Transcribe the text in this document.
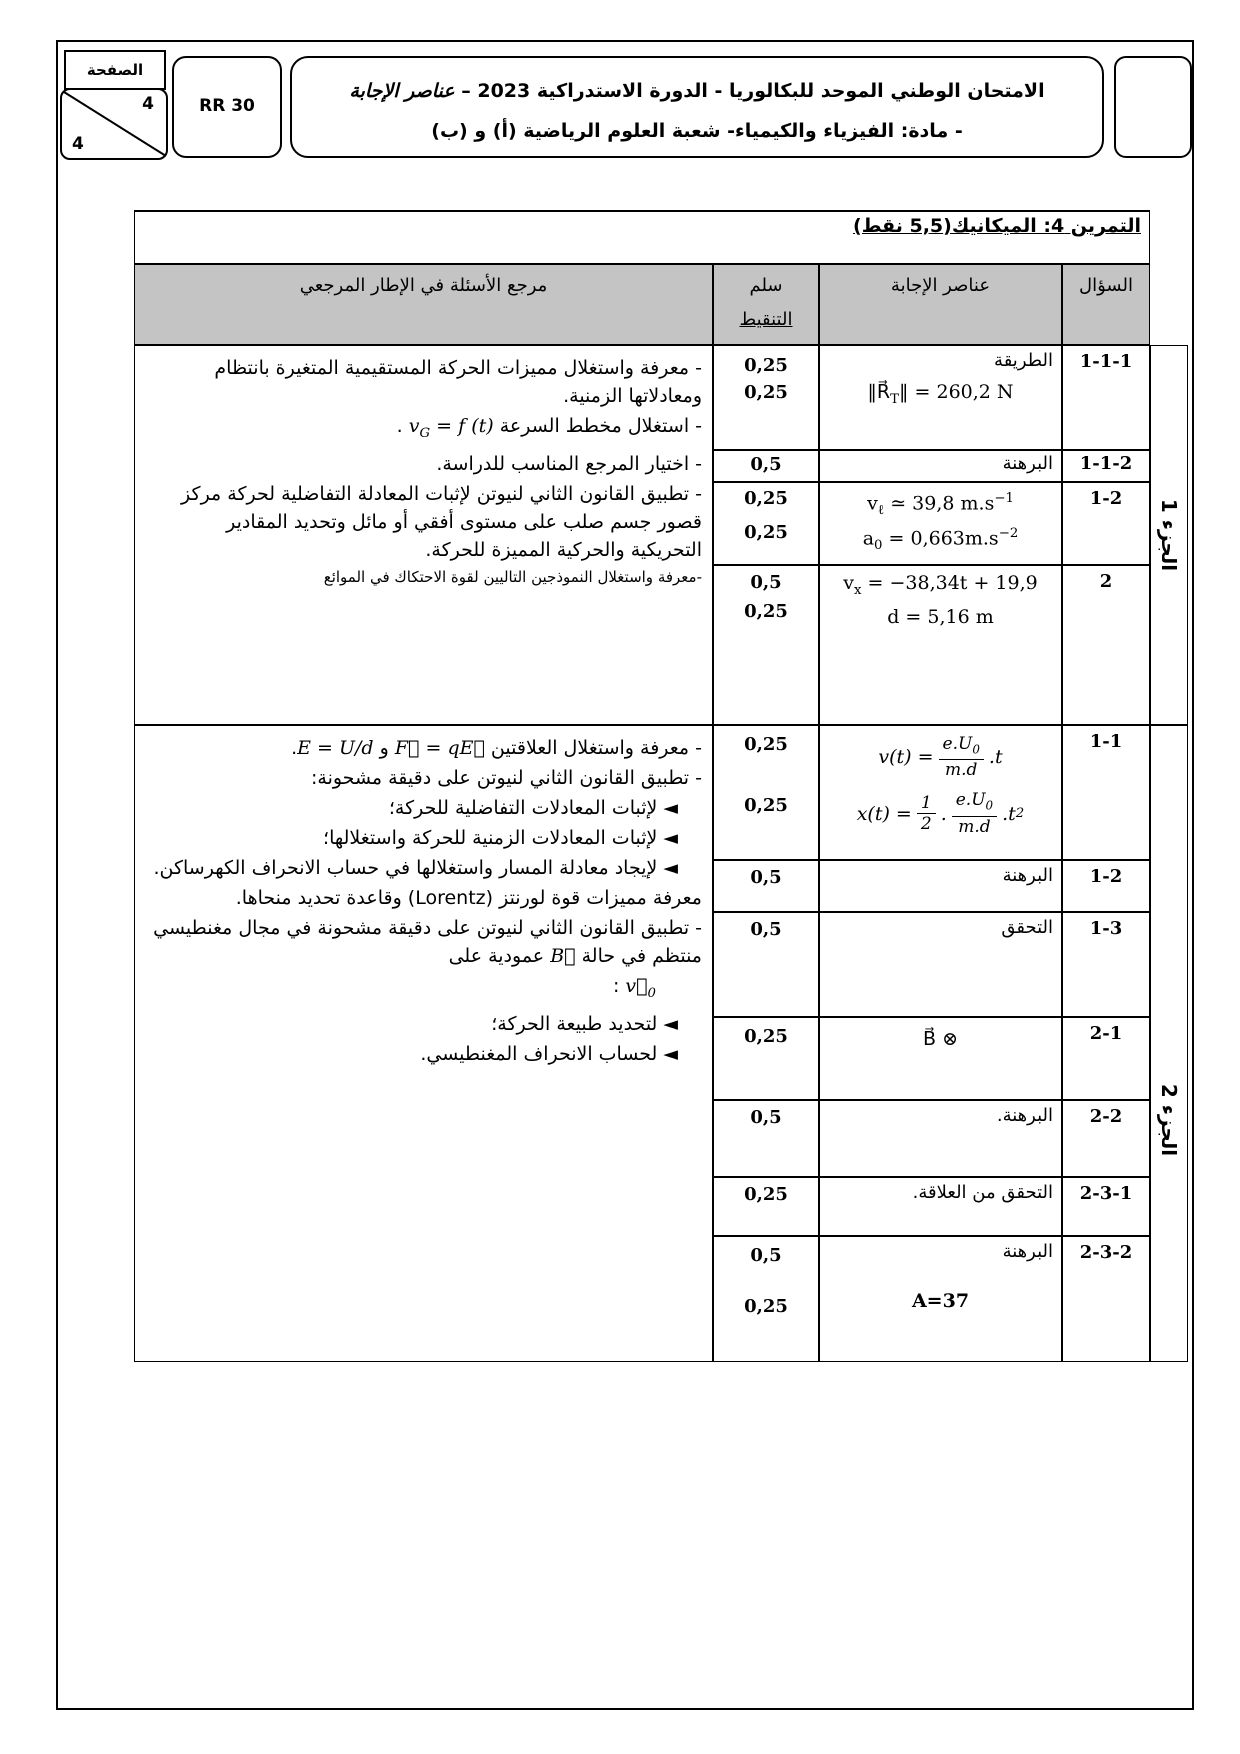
الصفحة
4
4
RR 30
الامتحان الوطني الموحد للبكالوريا - الدورة الاستدراكية 2023 – عناصر الإجابة
- مادة: الفيزياء والكيمياء- شعبة العلوم الرياضية (أ) و (ب)
التمرين 4: الميكانيك(5,5 نقط)
السؤال
عناصر الإجابة
سلم
التنقيط
مرجع الأسئلة في الإطار المرجعي
1-1-1
الطريقة
$‖R⃗_T‖ = 260,2$ N
0,25
0,25
1-1-2
البرهنة
0,5
1-2
$v_\ell$ ≃ 39,8 $m.s^{-1}$
$a_0 = 0,663m.s^{-2}$
0,25
0,25
2
$v_x = -38,34t + 19,9$
d = 5,16 m
0,5
0,25

- معرفة واستغلال مميزات الحركة المستقيمية المتغيرة بانتظام ومعادلاتها الزمنية.

- استغلال مخطط السرعة $v_G = f$ (t) .

- اختيار المرجع المناسب للدراسة.

- تطبيق القانون الثاني لنيوتن لإثبات المعادلة التفاضلية لحركة مركز قصور جسم صلب على مستوى أفقي أو مائل وتحديد المقادير التحريكية والحركية المميزة للحركة.

-معرفة واستغلال النموذجين التاليين لقوة الاحتكاك في الموائع

الجزء 1
1-1
$v(t) = \frac{e.U_0}{m.d} .t$
$x(t) = \frac{1}{2}$ . $\frac{e.U_0}{m.d} .t$ 2
0,25
0,25
1-2
البرهنة
0,5
1-3
التحقق
0,5
2-1
B⃗ ⊗
0,25
2-2
البرهنة.
0,5
2-3-1
التحقق من العلاقة.
0,25
2-3-2
البرهنة
A=37
0,5
0,25

- معرفة واستغلال العلاقتين F⃗ = qE⃗ و E = U/d.

- تطبيق القانون الثاني لنيوتن على دقيقة مشحونة:

◄ لإثبات المعادلات التفاضلية للحركة؛

◄ لإثبات المعادلات الزمنية للحركة واستغلالها؛

◄ لإيجاد معادلة المسار واستغلالها في حساب الانحراف الكهرساكن.

معرفة مميزات قوة لورنتز (Lorentz) وقاعدة تحديد منحاها.

- تطبيق القانون الثاني لنيوتن على دقيقة مشحونة في مجال مغنطيسي منتظم في حالة B⃗ عمودية على

$v⃗_0$ :

◄ لتحديد طبيعة الحركة؛

◄ لحساب الانحراف المغنطيسي.

الجزء 2
